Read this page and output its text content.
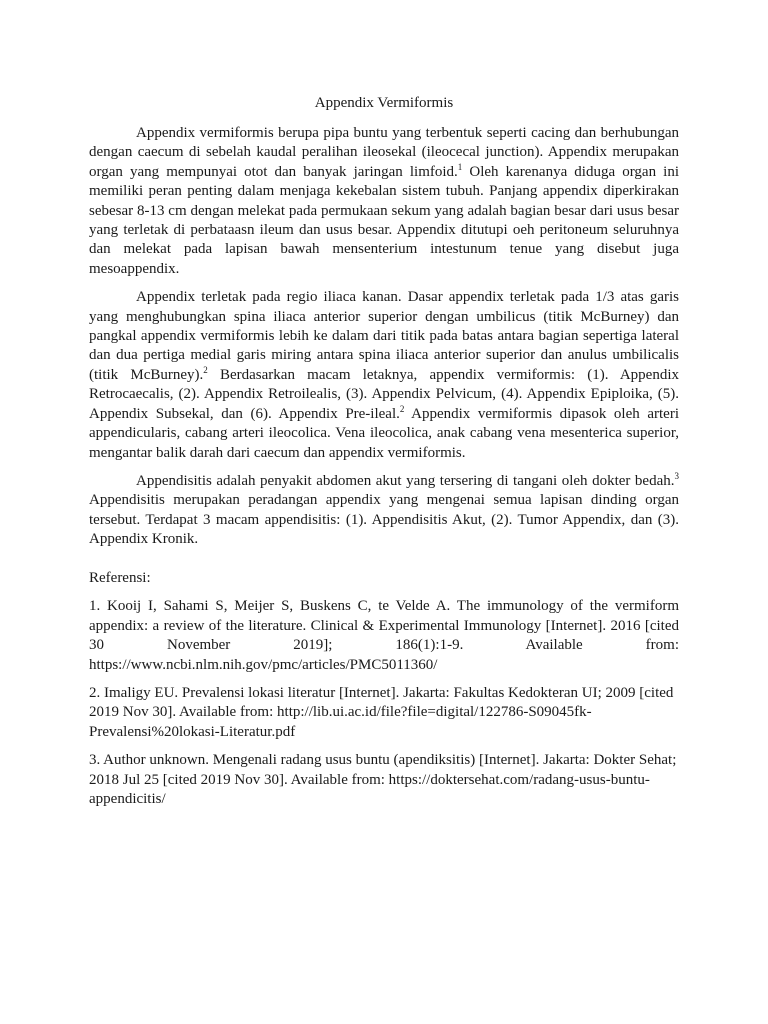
Appendix Vermiformis

Appendix vermiformis berupa pipa buntu yang terbentuk seperti cacing dan berhubungan dengan caecum di sebelah kaudal peralihan ileosekal (ileocecal junction). Appendix merupakan organ yang mempunyai otot dan banyak jaringan limfoid.$^1$ Oleh karenanya diduga organ ini memiliki peran penting dalam menjaga kekebalan sistem tubuh. Panjang appendix diperkirakan sebesar 8-13 cm dengan melekat pada permukaan sekum yang adalah bagian besar dari usus besar yang terletak di perbataasn ileum dan usus besar. Appendix ditutupi oeh peritoneum seluruhnya dan melekat pada lapisan bawah mensenterium intestunum tenue yang disebut juga mesoappendix.

Appendix terletak pada regio iliaca kanan. Dasar appendix terletak pada 1/3 atas garis yang menghubungkan spina iliaca anterior superior dengan umbilicus (titik McBurney) dan pangkal appendix vermiformis lebih ke dalam dari titik pada batas antara bagian sepertiga lateral dan dua pertiga medial garis miring antara spina iliaca anterior superior dan anulus umbilicalis (titik McBurney).$^2$ Berdasarkan macam letaknya, appendix vermiformis: (1). Appendix Retrocaecalis, (2). Appendix Retroilealis, (3). Appendix Pelvicum, (4). Appendix Epiploika, (5). Appendix Subsekal, dan (6). Appendix Pre-ileal.$^2$ Appendix vermiformis dipasok oleh arteri appendicularis, cabang arteri ileocolica. Vena ileocolica, anak cabang vena mesenterica superior, mengantar balik darah dari caecum dan appendix vermiformis.

Appendisitis adalah penyakit abdomen akut yang tersering di tangani oleh dokter bedah.$^3$ Appendisitis merupakan peradangan appendix yang mengenai semua lapisan dinding organ tersebut. Terdapat 3 macam appendisitis: (1). Appendisitis Akut, (2). Tumor Appendix, dan (3). Appendix Kronik.

Referensi:

1. Kooij I, Sahami S, Meijer S, Buskens C, te Velde A. The immunology of the vermiform appendix: a review of the literature. Clinical & Experimental Immunology [Internet]. 2016 [cited 30 November 2019]; 186(1):1-9. Available from: https://www.ncbi.nlm.nih.gov/pmc/articles/PMC5011360/

2. Imaligy EU. Prevalensi lokasi literatur [Internet]. Jakarta: Fakultas Kedokteran UI; 2009 [cited 2019 Nov 30]. Available from: http://lib.ui.ac.id/file?file=digital/122786-S09045fk-Prevalensi%20lokasi-Literatur.pdf

3. Author unknown. Mengenali radang usus buntu (apendiksitis) [Internet]. Jakarta: Dokter Sehat; 2018 Jul 25 [cited 2019 Nov 30]. Available from: https://doktersehat.com/radang-usus-buntu-appendicitis/
